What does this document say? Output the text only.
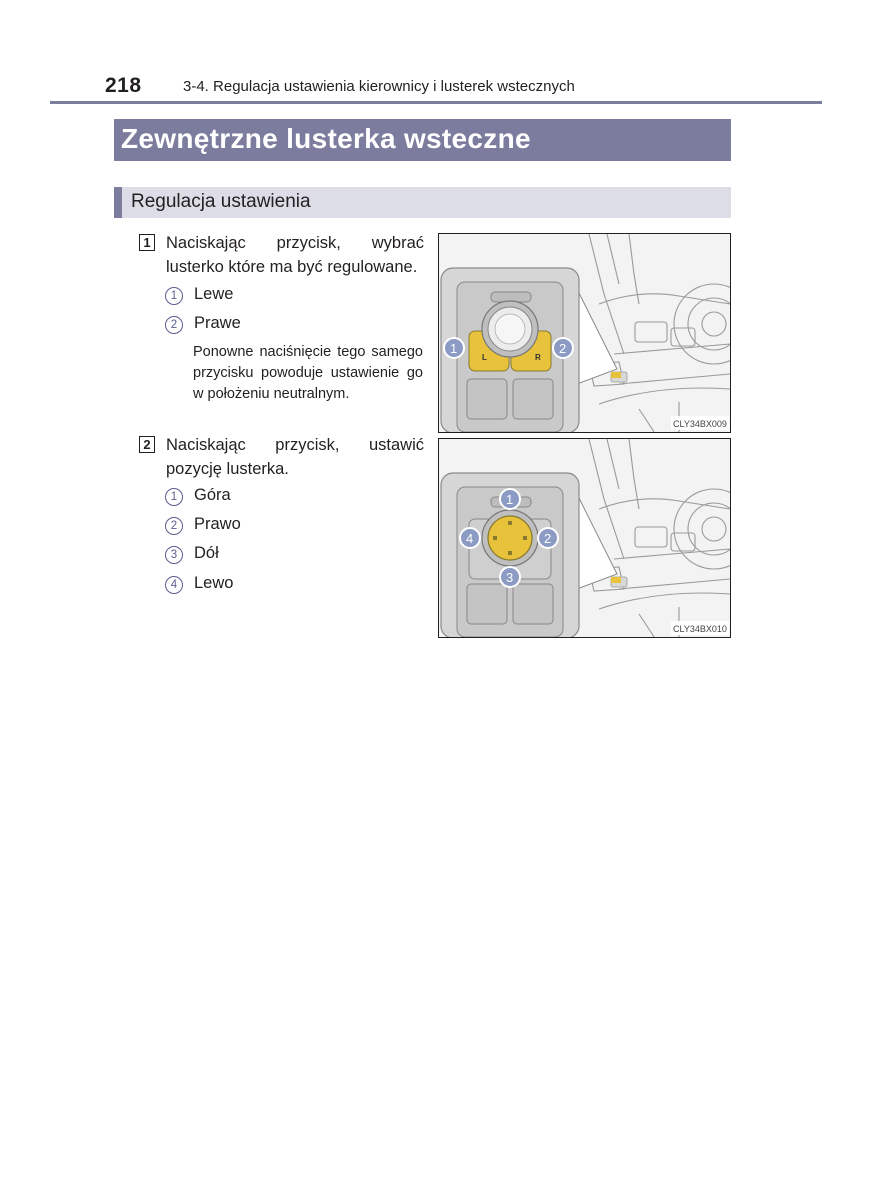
218	3-4. Regulacja ustawienia kierownicy i lusterek wstecznych
Zewnętrzne lusterka wsteczne
Regulacja ustawienia
1 Naciskając przycisk, wybrać lusterko które ma być regulowane.
1	Lewe
2	Prawe
Ponowne naciśnięcie tego samego przycisku powoduje ustawienie go w położeniu neutralnym.
2 Naciskając przycisk, ustawić pozycję lusterka.
1	Góra
2	Prawo
3	Dół
4	Lewo
L	R
1	2
CLY34BX009
1
2
3
4
CLY34BX010
